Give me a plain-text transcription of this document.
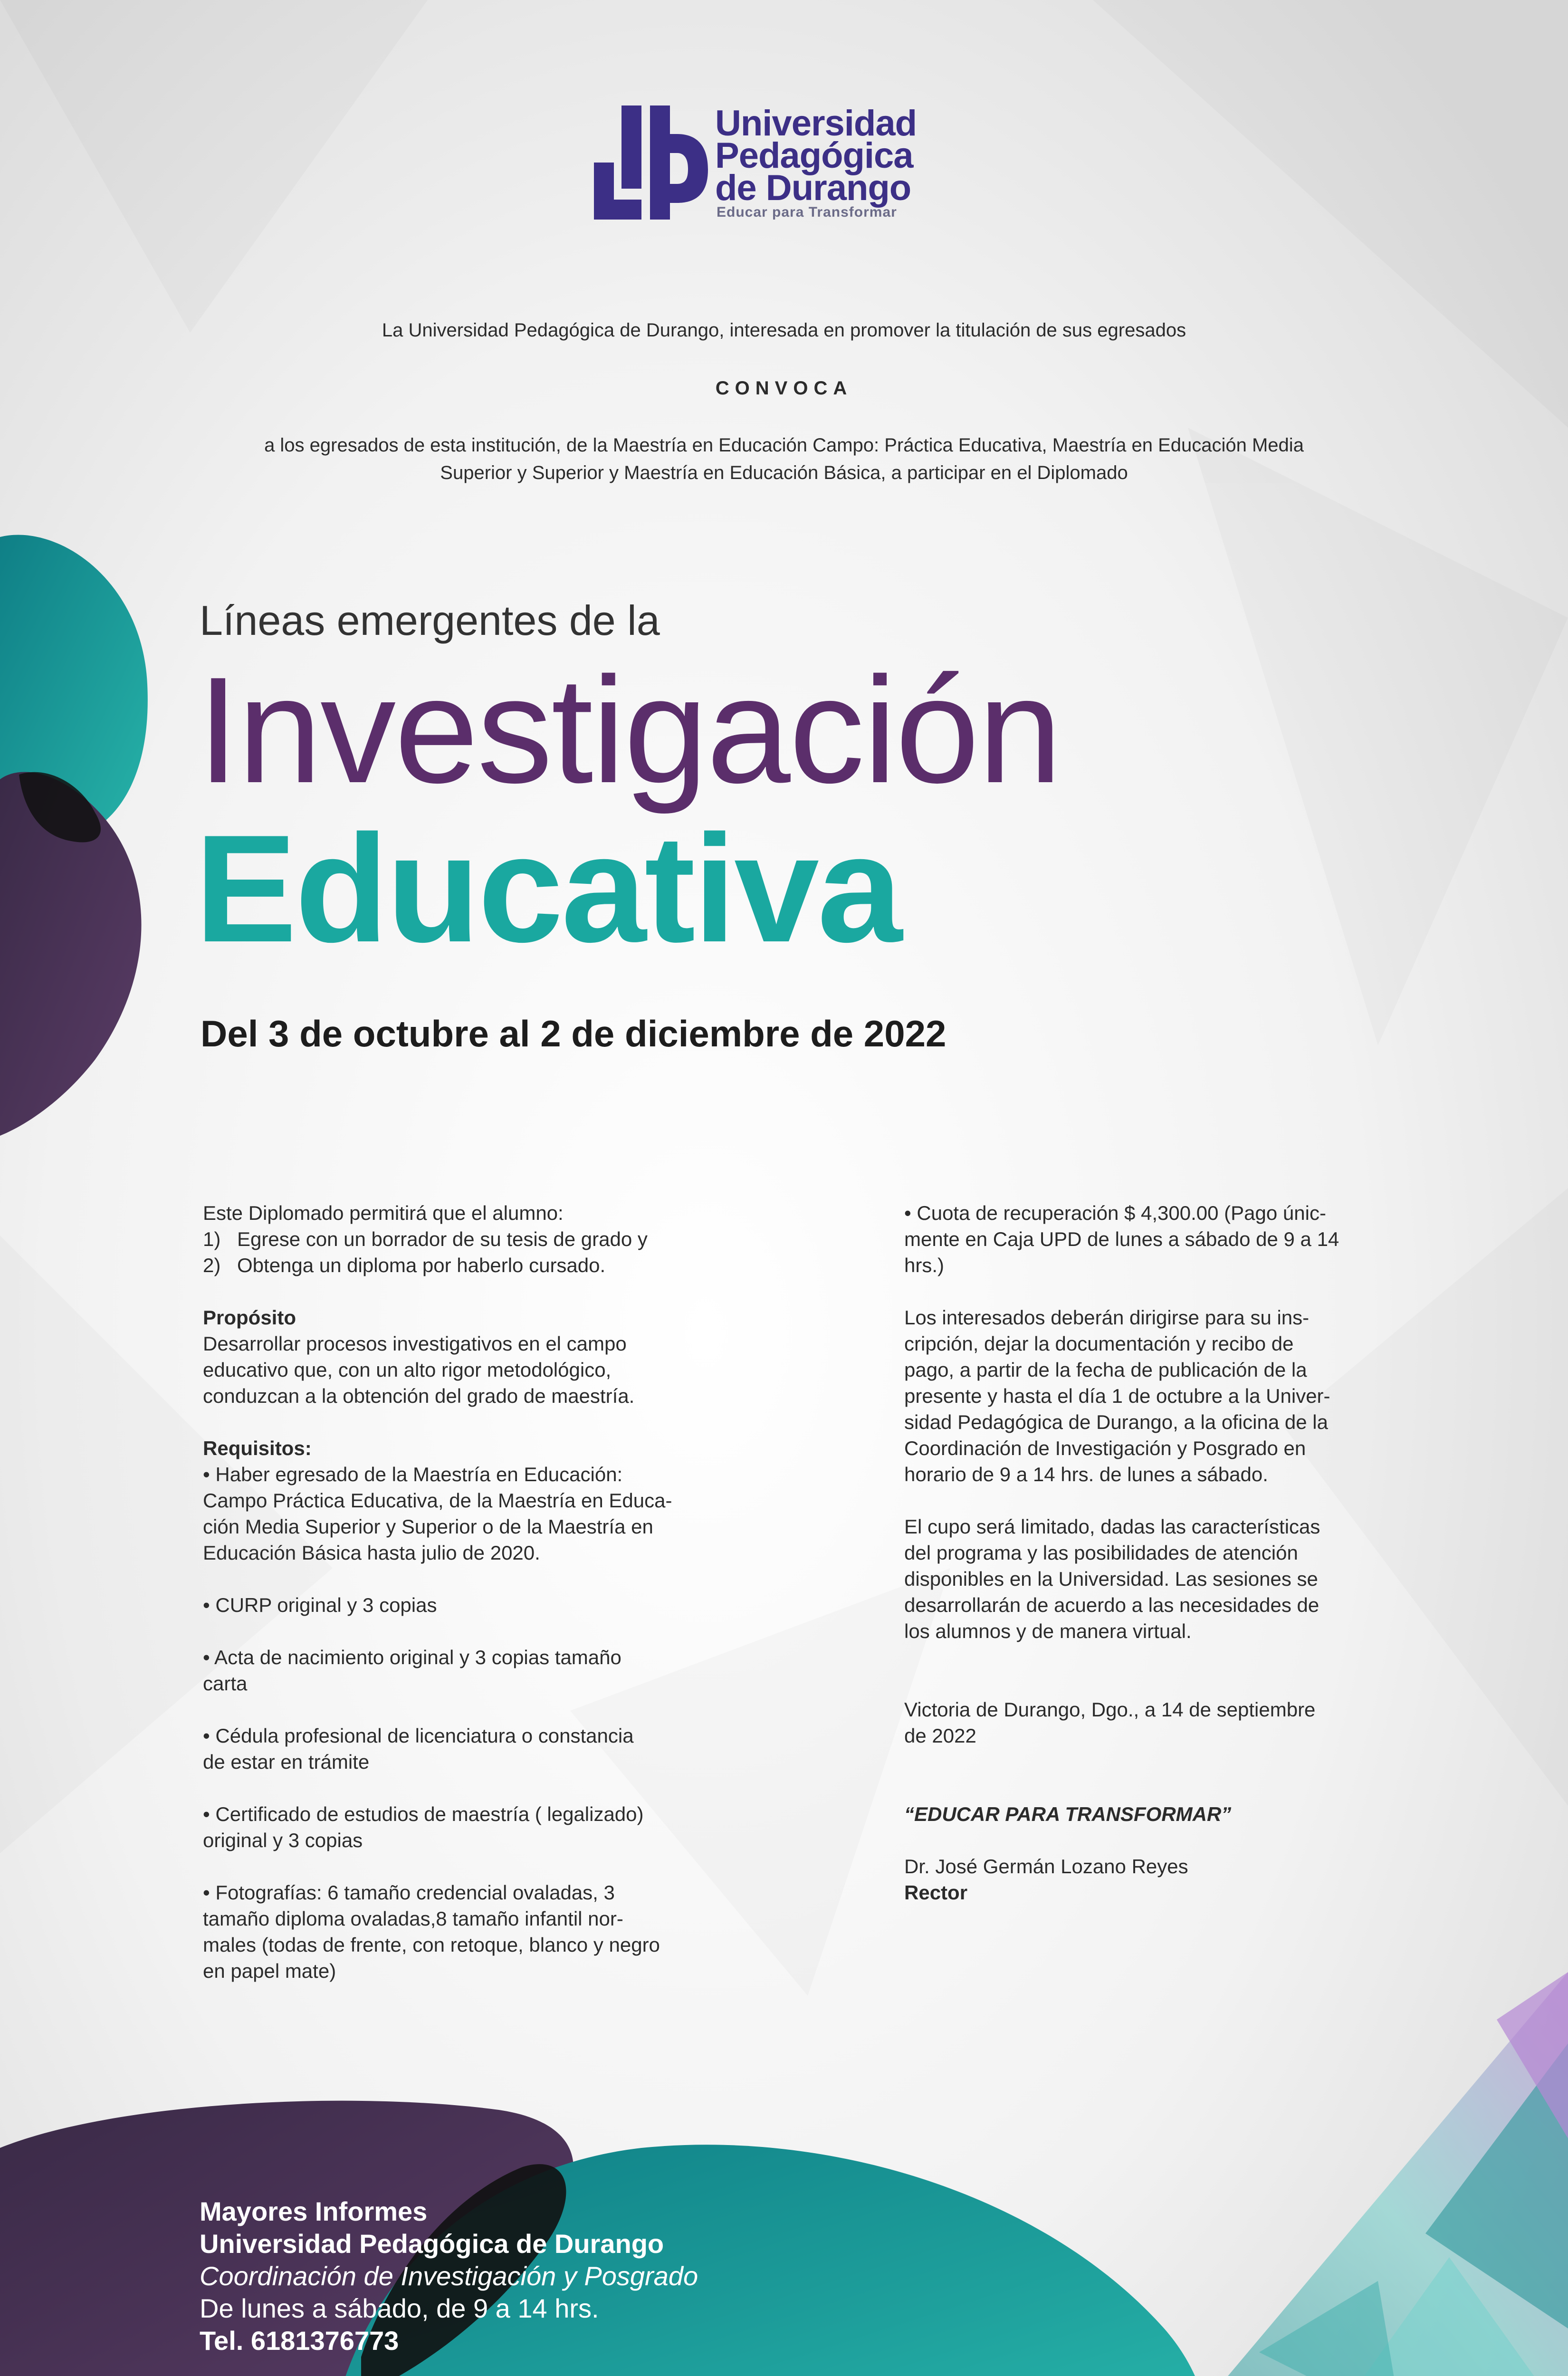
Universidad
Pedagógica
de Durango
Educar para Transformar
La Universidad Pedagógica de Durango, interesada en promover la titulación de sus egresados
CONVOCA
a los egresados de esta institución, de la Maestría en Educación Campo: Práctica Educativa, Maestría en Educación Media
Superior y Superior y Maestría en Educación Básica, a participar en el Diplomado
Líneas emergentes de la
Investigación
Educativa
Del 3 de octubre al 2 de diciembre de 2022

Este Diplomado permitirá que el alumno:

1) Egrese con un borrador de su tesis de grado y

2) Obtenga un diploma por haberlo cursado.

Propósito

Desarrollar procesos investigativos en el campo

educativo que, con un alto rigor metodológico,

conduzcan a la obtención del grado de maestría.

Requisitos:

• Haber egresado de la Maestría en Educación:

Campo Práctica Educativa, de la Maestría en Educa-

ción Media Superior y Superior o de la Maestría en

Educación Básica hasta julio de 2020.

• CURP original y 3 copias

• Acta de nacimiento original y 3 copias tamaño

carta

• Cédula profesional de licenciatura o constancia

de estar en trámite

• Certificado de estudios de maestría ( legalizado)

original y 3 copias

• Fotografías: 6 tamaño credencial ovaladas, 3

tamaño diploma ovaladas,8 tamaño infantil nor-

males (todas de frente, con retoque, blanco y negro

en papel mate)

• Cuota de recuperación $ 4,300.00 (Pago únic-

mente en Caja UPD de lunes a sábado de 9 a 14

hrs.)

Los interesados deberán dirigirse para su ins-

cripción, dejar la documentación y recibo de

pago, a partir de la fecha de publicación de la

presente y hasta el día 1 de octubre a la Univer-

sidad Pedagógica de Durango, a la oficina de la

Coordinación de Investigación y Posgrado en

horario de 9 a 14 hrs. de lunes a sábado.

El cupo será limitado, dadas las características

del programa y las posibilidades de atención

disponibles en la Universidad. Las sesiones se

desarrollarán de acuerdo a las necesidades de

los alumnos y de manera virtual.

Victoria de Durango, Dgo., a 14 de septiembre

de 2022

“EDUCAR PARA TRANSFORMAR”

Dr. José Germán Lozano Reyes

Rector

Mayores Informes

Universidad Pedagógica de Durango

Coordinación de Investigación y Posgrado

De lunes a sábado, de 9 a 14 hrs.

Tel. 6181376773
